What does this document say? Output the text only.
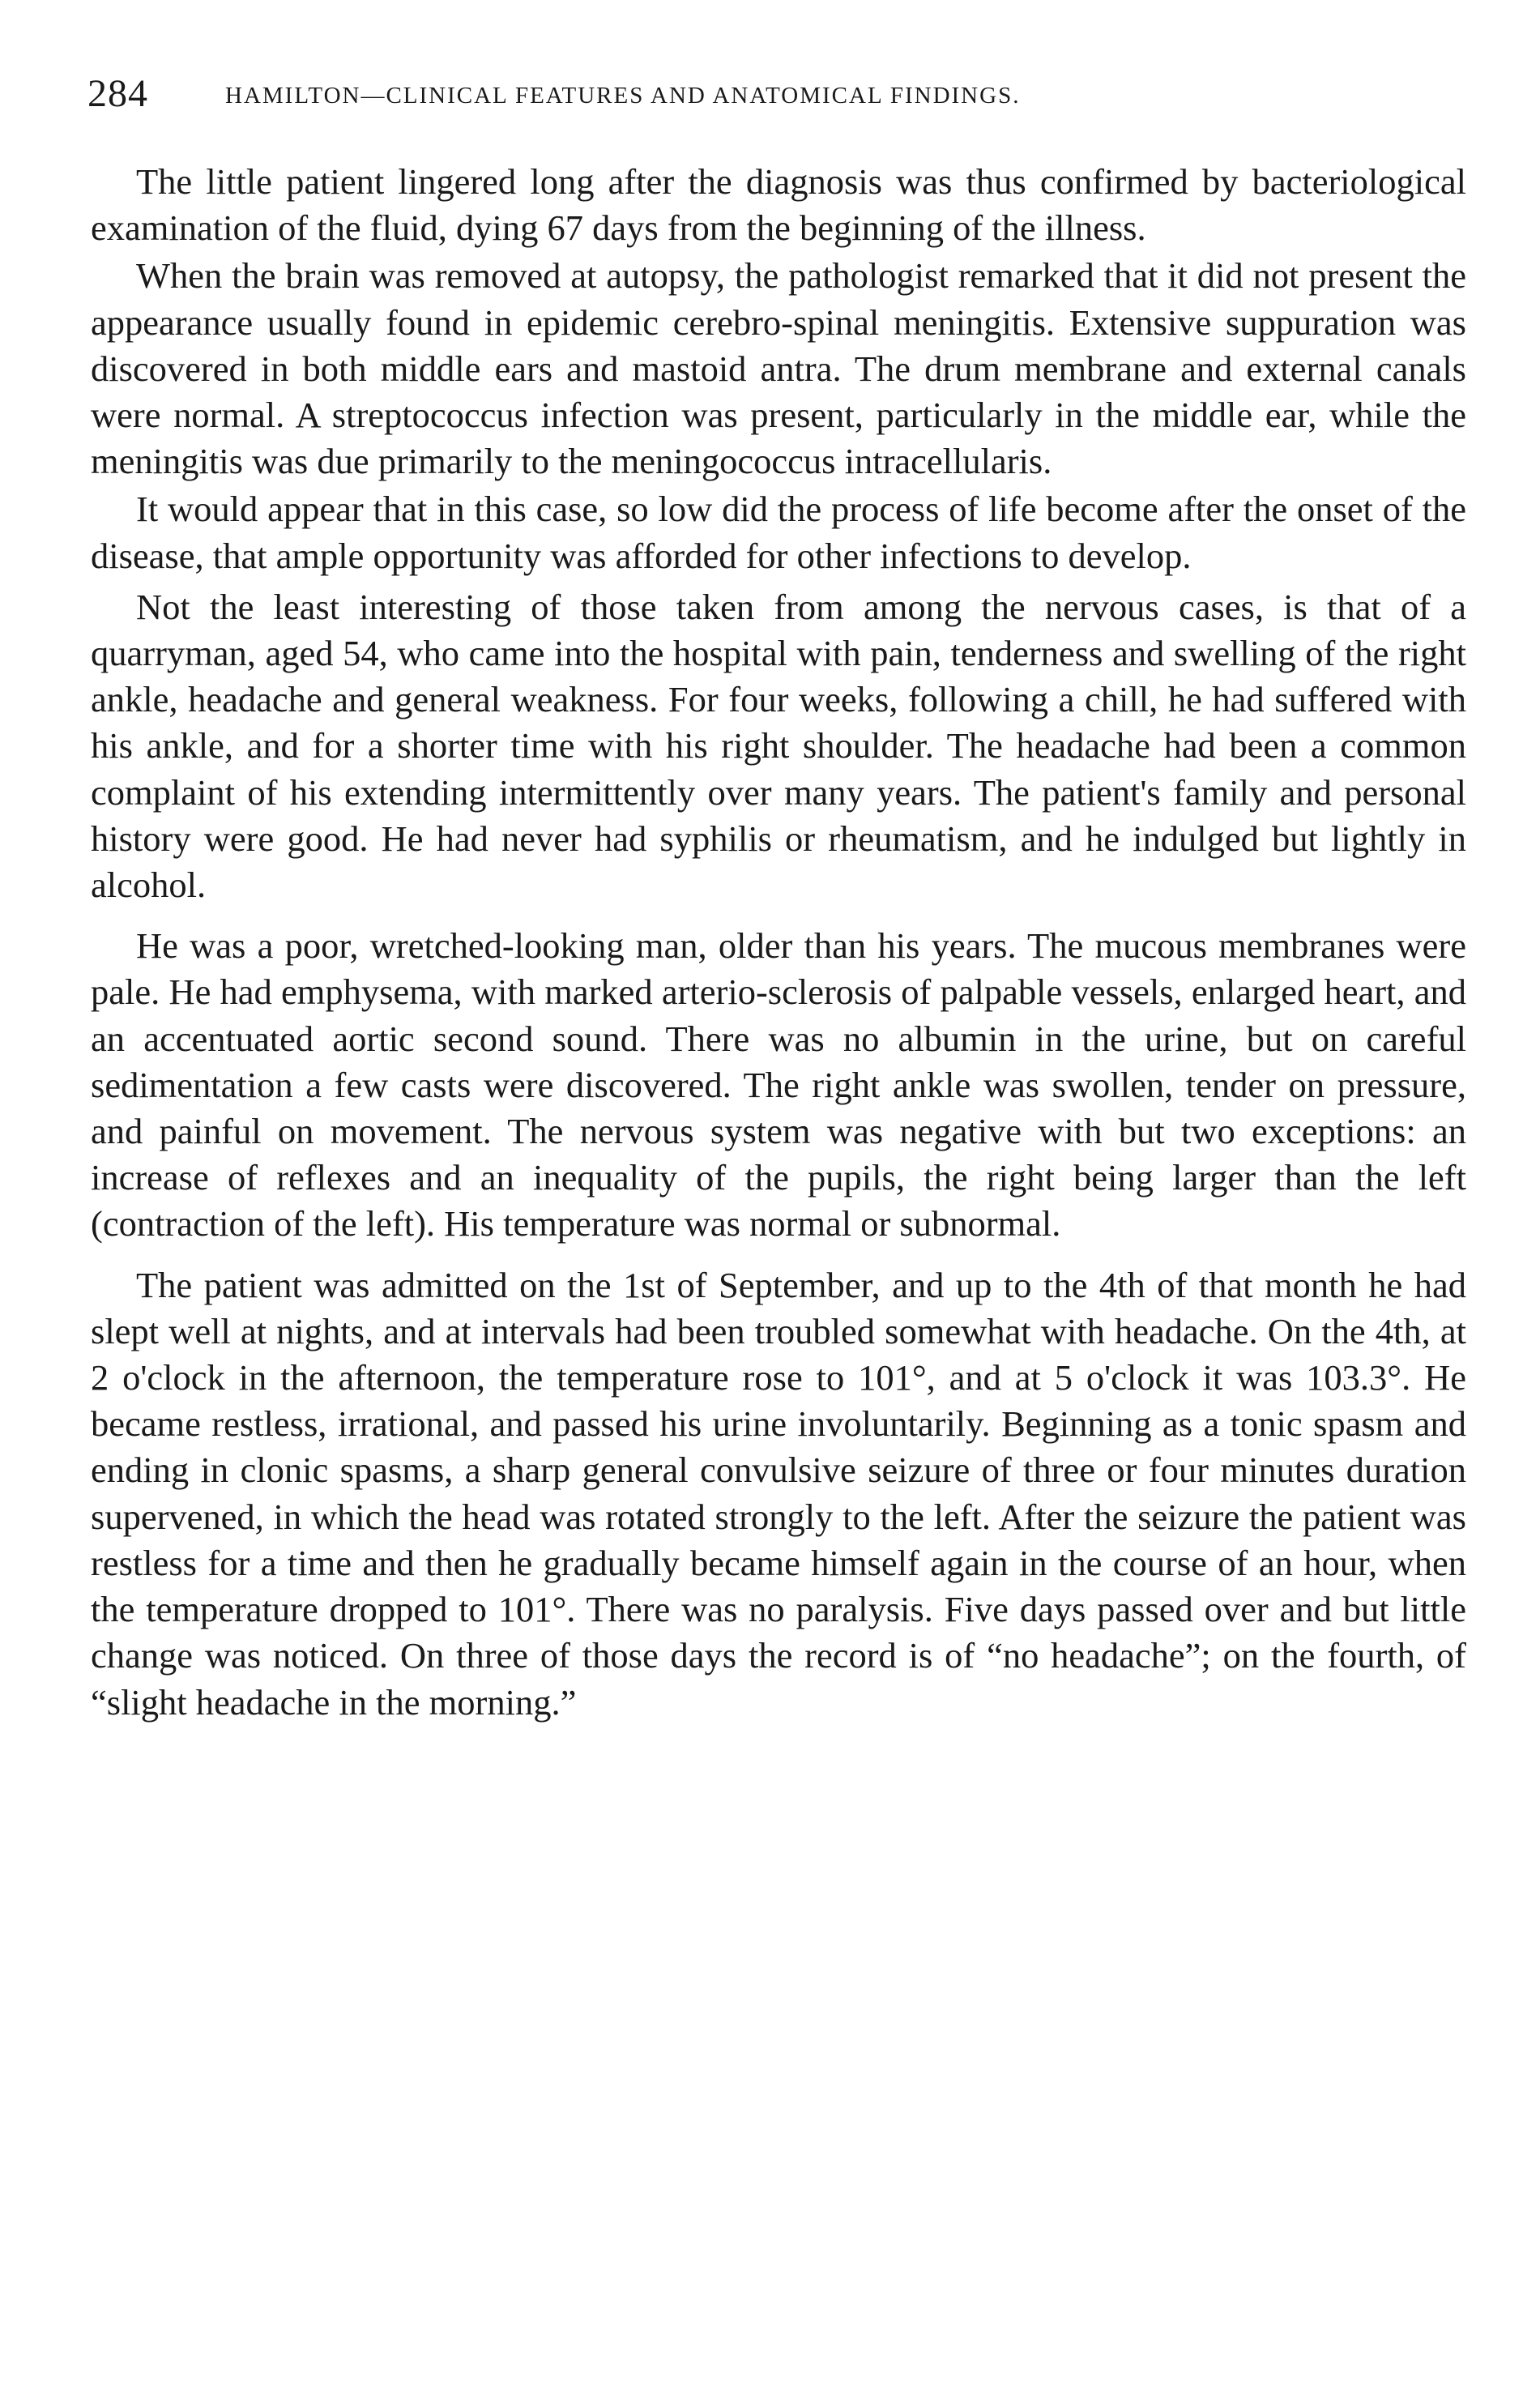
284	HAMILTON—CLINICAL FEATURES AND ANATOMICAL FINDINGS.

The little patient lingered long after the diagnosis was thus confirmed by bacteriological examination of the fluid, dying 67 days from the beginning of the illness.

When the brain was removed at autopsy, the pathologist remarked that it did not present the appearance usually found in epidemic cerebro-spinal meningitis. Extensive suppuration was discovered in both middle ears and mastoid antra. The drum membrane and external canals were normal. A streptococcus infection was present, particularly in the middle ear, while the meningitis was due primarily to the meningococcus intracellularis.

It would appear that in this case, so low did the process of life become after the onset of the disease, that ample opportunity was afforded for other infections to develop.

Not the least interesting of those taken from among the nervous cases, is that of a quarryman, aged 54, who came into the hospital with pain, tenderness and swelling of the right ankle, headache and general weakness. For four weeks, following a chill, he had suffered with his ankle, and for a shorter time with his right shoulder. The headache had been a common complaint of his extending intermittently over many years. The patient's family and personal history were good. He had never had syphilis or rheumatism, and he indulged but lightly in alcohol.

He was a poor, wretched-looking man, older than his years. The mucous membranes were pale. He had emphysema, with marked arterio-sclerosis of palpable vessels, enlarged heart, and an accentuated aortic second sound. There was no albumin in the urine, but on careful sedimentation a few casts were discovered. The right ankle was swollen, tender on pressure, and painful on movement. The nervous system was negative with but two exceptions: an increase of reflexes and an inequality of the pupils, the right being larger than the left (contraction of the left). His temperature was normal or subnormal.

The patient was admitted on the 1st of September, and up to the 4th of that month he had slept well at nights, and at intervals had been troubled somewhat with headache. On the 4th, at 2 o'clock in the afternoon, the temperature rose to 101°, and at 5 o'clock it was 103.3°. He became restless, irrational, and passed his urine involuntarily. Beginning as a tonic spasm and ending in clonic spasms, a sharp general convulsive seizure of three or four minutes duration supervened, in which the head was rotated strongly to the left. After the seizure the patient was restless for a time and then he gradually became himself again in the course of an hour, when the temperature dropped to 101°. There was no paralysis. Five days passed over and but little change was noticed. On three of those days the record is of “no headache”; on the fourth, of “slight headache in the morning.”
